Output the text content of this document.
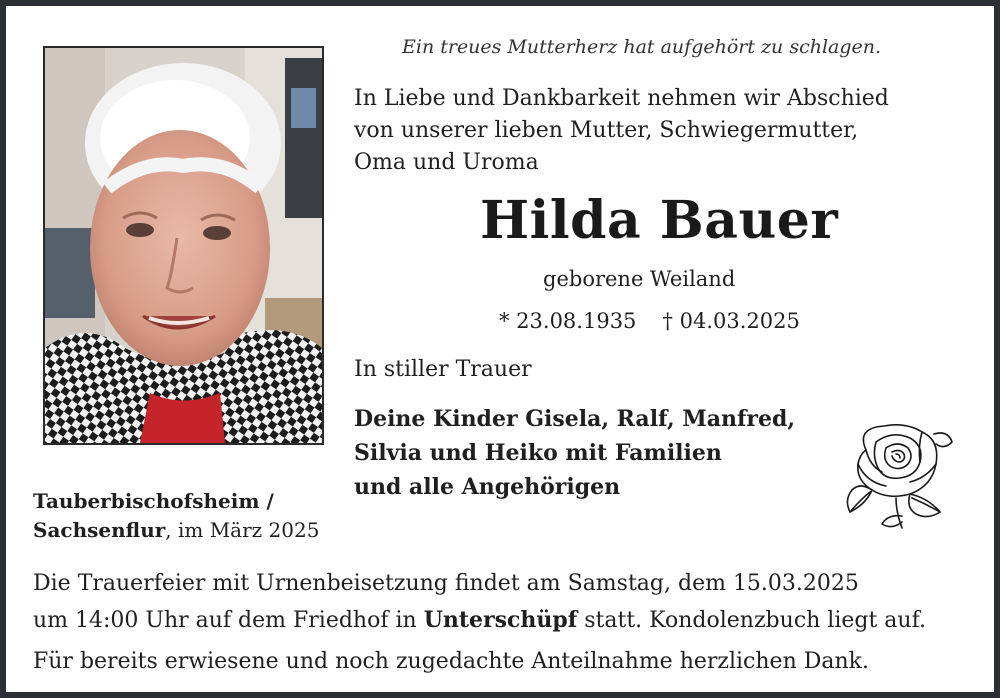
Ein treues Mutterherz hat aufgehört zu schlagen.

In Liebe und Dankbarkeit nehmen wir Abschied
von unserer lieben Mutter, Schwiegermutter,
Oma und Uroma

Hilda Bauer

geborene Weiland

* 23.08.1935 † 04.03.2025

In stiller Trauer

Deine Kinder Gisela, Ralf, Manfred,
Silvia und Heiko mit Familien
und alle Angehörigen
Tauberbischofsheim /
Sachsenflur, im März 2025
Die Trauerfeier mit Urnenbeisetzung findet am Samstag, dem 15.03.2025
um 14:00 Uhr auf dem Friedhof in Unterschüpf statt. Kondolenzbuch liegt auf.

Für bereits erwiesene und noch zugedachte Anteilnahme herzlichen Dank.
